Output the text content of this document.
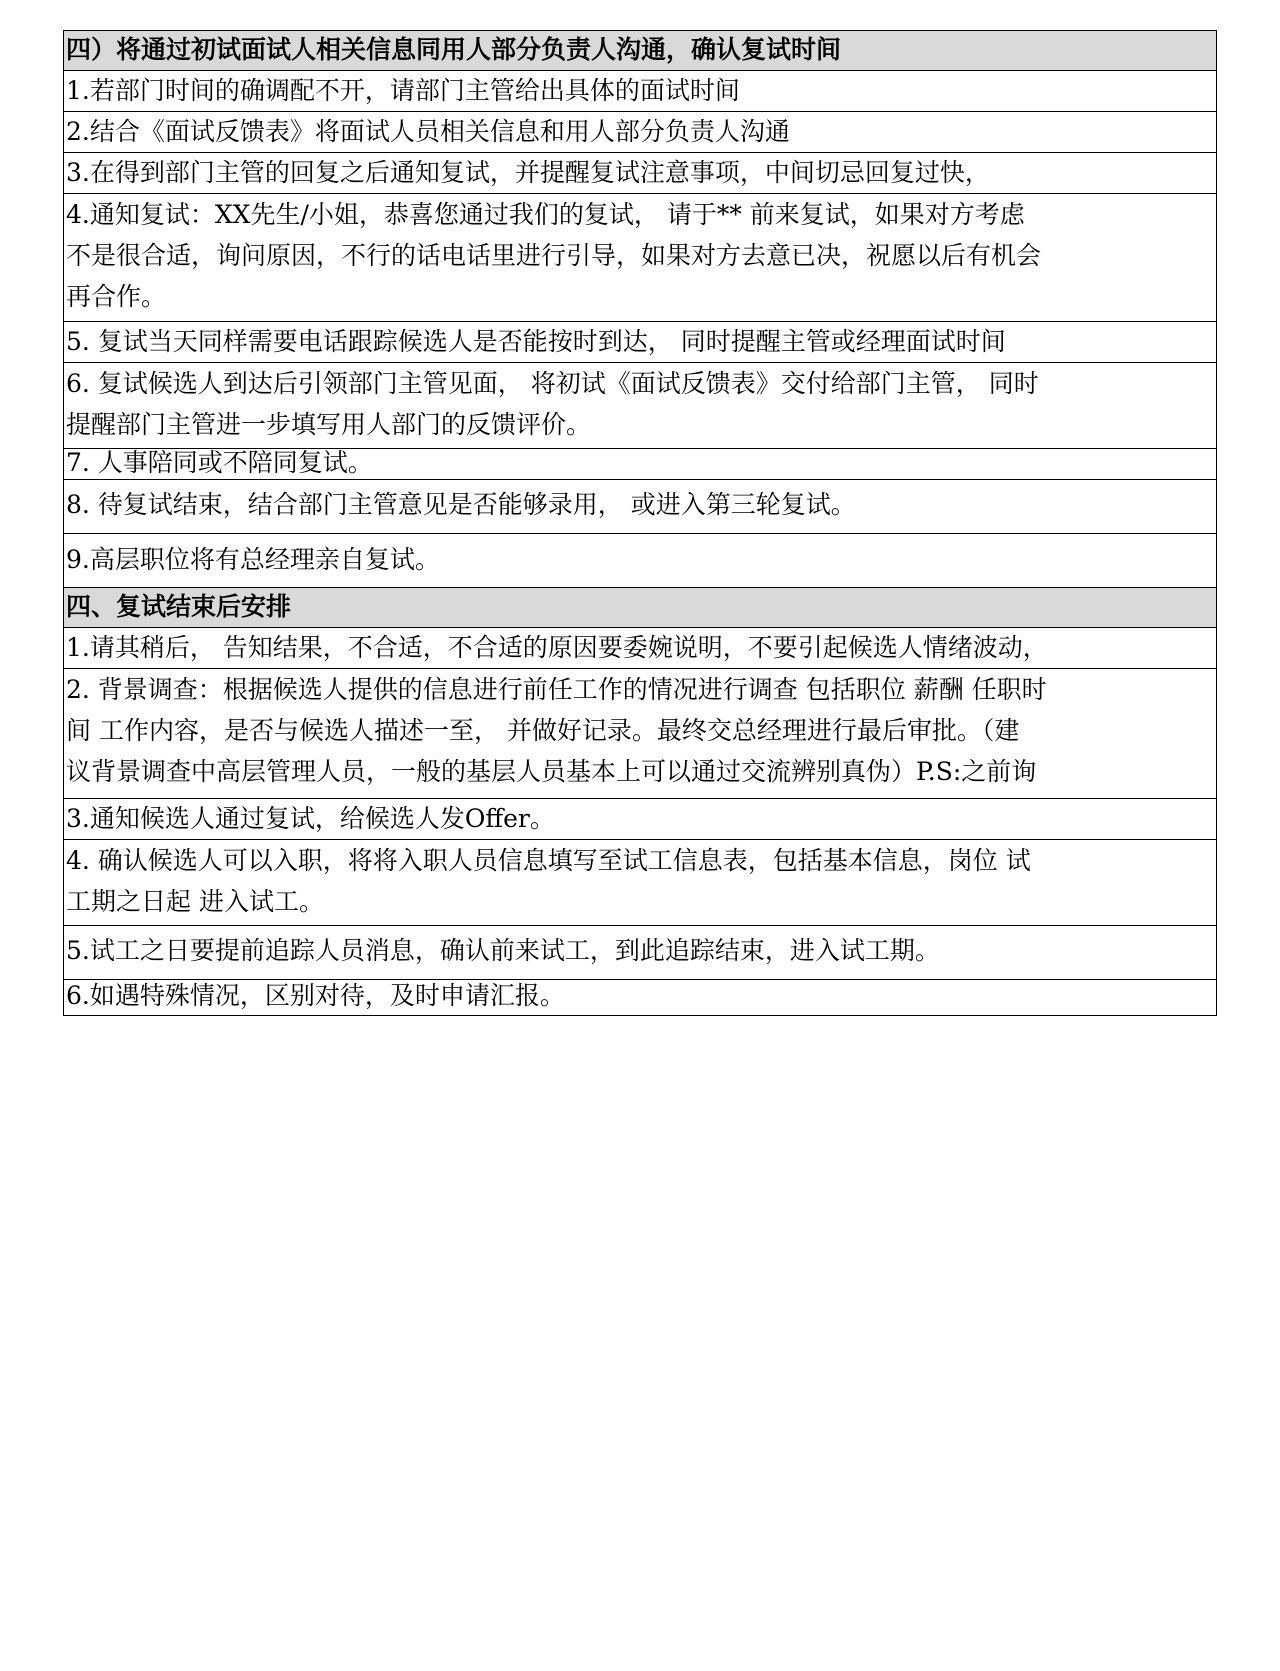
四）将通过初试面试人相关信息同用人部分负责人沟通，确认复试时间
1.若部门时间的确调配不开，请部门主管给出具体的面试时间
2.结合《面试反馈表》将面试人员相关信息和用人部分负责人沟通
3.在得到部门主管的回复之后通知复试，并提醒复试注意事项，中间切忌回复过快，
4.通知复试：XX先生/小姐，恭喜您通过我们的复试， 请于** 前来复试，如果对方考虑
不是很合适，询问原因，不行的话电话里进行引导，如果对方去意已决，祝愿以后有机会
再合作。
5. 复试当天同样需要电话跟踪候选人是否能按时到达， 同时提醒主管或经理面试时间
6. 复试候选人到达后引领部门主管见面， 将初试《面试反馈表》交付给部门主管， 同时
提醒部门主管进一步填写用人部门的反馈评价。
7. 人事陪同或不陪同复试。
8. 待复试结束，结合部门主管意见是否能够录用， 或进入第三轮复试。
9.高层职位将有总经理亲自复试。
四、复试结束后安排
1.请其稍后， 告知结果，不合适，不合适的原因要委婉说明，不要引起候选人情绪波动，
2. 背景调查：根据候选人提供的信息进行前任工作的情况进行调查 包括职位 薪酬 任职时
间 工作内容，是否与候选人描述一至， 并做好记录。最终交总经理进行最后审批。（建
议背景调查中高层管理人员，一般的基层人员基本上可以通过交流辨别真伪）P.S:之前询
3.通知候选人通过复试，给候选人发Offer。
4. 确认候选人可以入职，将将入职人员信息填写至试工信息表，包括基本信息，岗位 试
工期之日起 进入试工。
5.试工之日要提前追踪人员消息，确认前来试工，到此追踪结束，进入试工期。
6.如遇特殊情况，区别对待，及时申请汇报。
